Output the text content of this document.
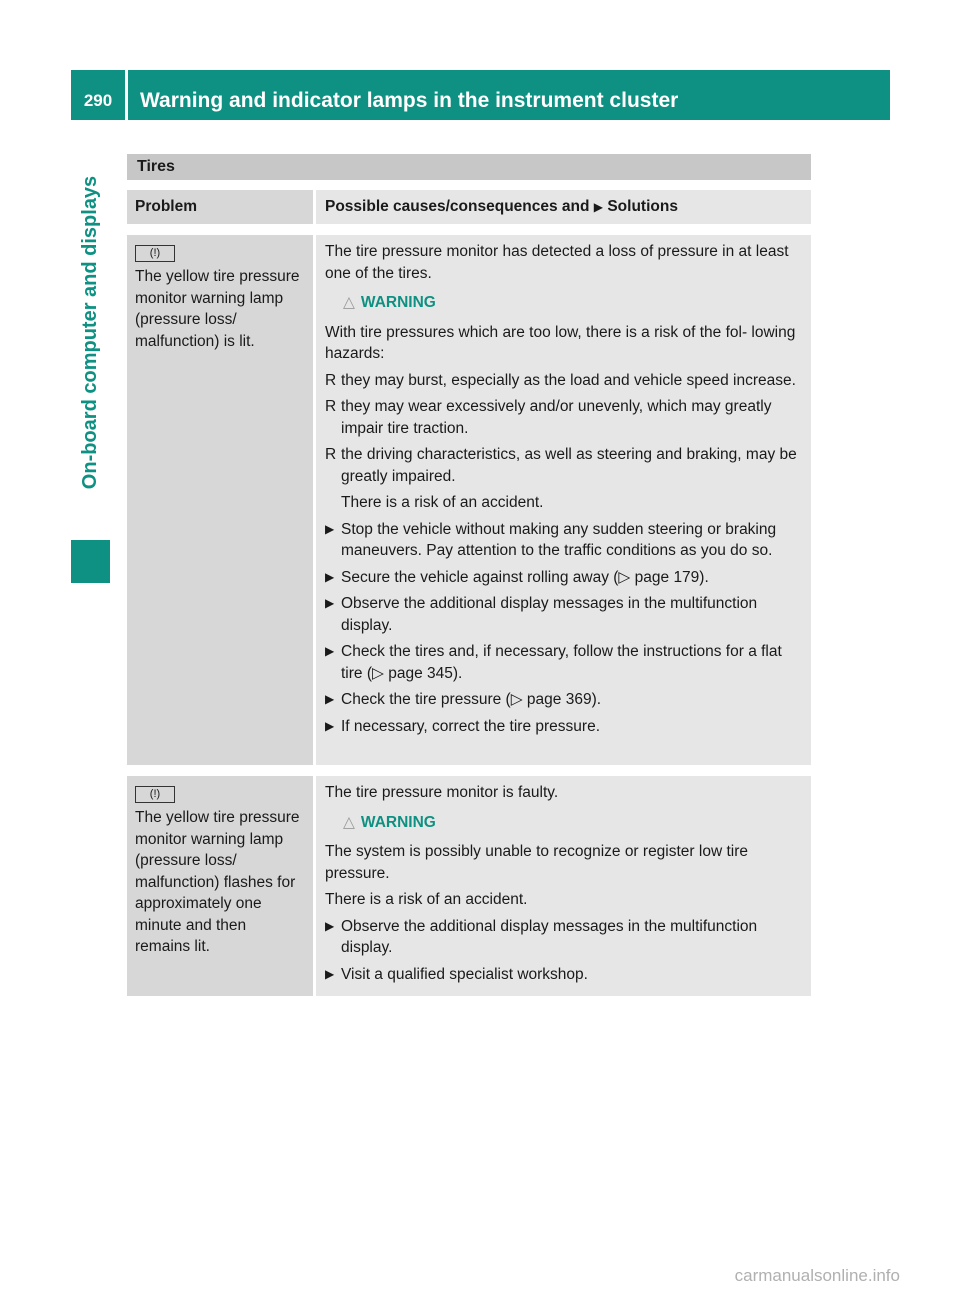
290	Warning and indicator lamps in the instrument cluster
On-board computer and displays
Tires
Problem	Possible causes/consequences and ▶ Solutions
(!)
The yellow tire pressure monitor warning lamp (pressure loss/ malfunction) is lit.

The tire pressure monitor has detected a loss of pressure in at least one of the tires.

△ WARNING

With tire pressures which are too low, there is a risk of the fol- lowing hazards:

R they may burst, especially as the load and vehicle speed increase.
R they may wear excessively and/or unevenly, which may greatly impair tire traction.
R the driving characteristics, as well as steering and braking, may be greatly impaired.

There is a risk of an accident.

▶ Stop the vehicle without making any sudden steering or braking maneuvers. Pay attention to the traffic conditions as you do so.
▶ Secure the vehicle against rolling away (▷ page 179).
▶ Observe the additional display messages in the multifunction display.
▶ Check the tires and, if necessary, follow the instructions for a flat tire (▷ page 345).
▶ Check the tire pressure (▷ page 369).
▶ If necessary, correct the tire pressure.
(!)
The yellow tire pressure monitor warning lamp (pressure loss/ malfunction) flashes for approximately one minute and then remains lit.

The tire pressure monitor is faulty.

△ WARNING

The system is possibly unable to recognize or register low tire pressure.

There is a risk of an accident.

▶ Observe the additional display messages in the multifunction display.
▶ Visit a qualified specialist workshop.
carmanualsonline.info
